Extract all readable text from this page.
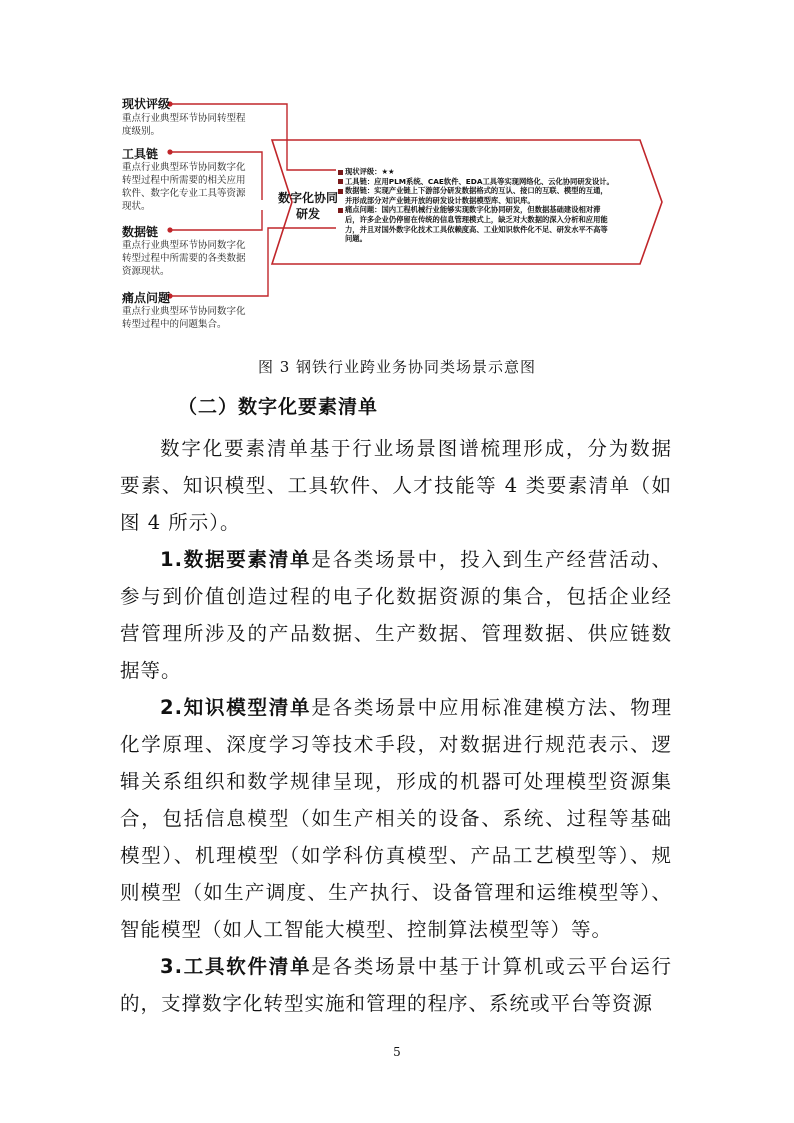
现状评级
重点行业典型环节协同转型程度级别。
工具链
重点行业典型环节协同数字化转型过程中所需要的相关应用软件、数字化专业工具等资源现状。
数据链
重点行业典型环节协同数字化转型过程中所需要的各类数据资源现状。
痛点问题
重点行业典型环节协同数字化转型过程中的问题集合。
数字化协同研发
现状评级：★★
工具链：应用PLM系统、CAE软件、EDA工具等实现网络化、云化协同研发设计。
数据链：实现产业链上下游部分研发数据格式的互认、接口的互联、模型的互通，
并形成部分对产业链开放的研发设计数据模型库、知识库。
痛点问题：国内工程机械行业能够实现数字化协同研发，但数据基础建设相对滞
后，许多企业仍停留在传统的信息管理模式上，缺乏对大数据的深入分析和应用能
力，并且对国外数字化技术工具依赖度高、工业知识软件化不足、研发水平不高等
问题。
图 3 钢铁行业跨业务协同类场景示意图
（二）数字化要素清单
数字化要素清单基于行业场景图谱梳理形成，分为数据要素、知识模型、工具软件、人才技能等 4 类要素清单（如图 4 所示）。
1.数据要素清单是各类场景中，投入到生产经营活动、参与到价值创造过程的电子化数据资源的集合，包括企业经营管理所涉及的产品数据、生产数据、管理数据、供应链数据等。
2.知识模型清单是各类场景中应用标准建模方法、物理化学原理、深度学习等技术手段，对数据进行规范表示、逻辑关系组织和数学规律呈现，形成的机器可处理模型资源集合，包括信息模型（如生产相关的设备、系统、过程等基础模型）、机理模型（如学科仿真模型、产品工艺模型等）、规则模型（如生产调度、生产执行、设备管理和运维模型等）、智能模型（如人工智能大模型、控制算法模型等）等。
3.工具软件清单是各类场景中基于计算机或云平台运行的，支撑数字化转型实施和管理的程序、系统或平台等资源
5
